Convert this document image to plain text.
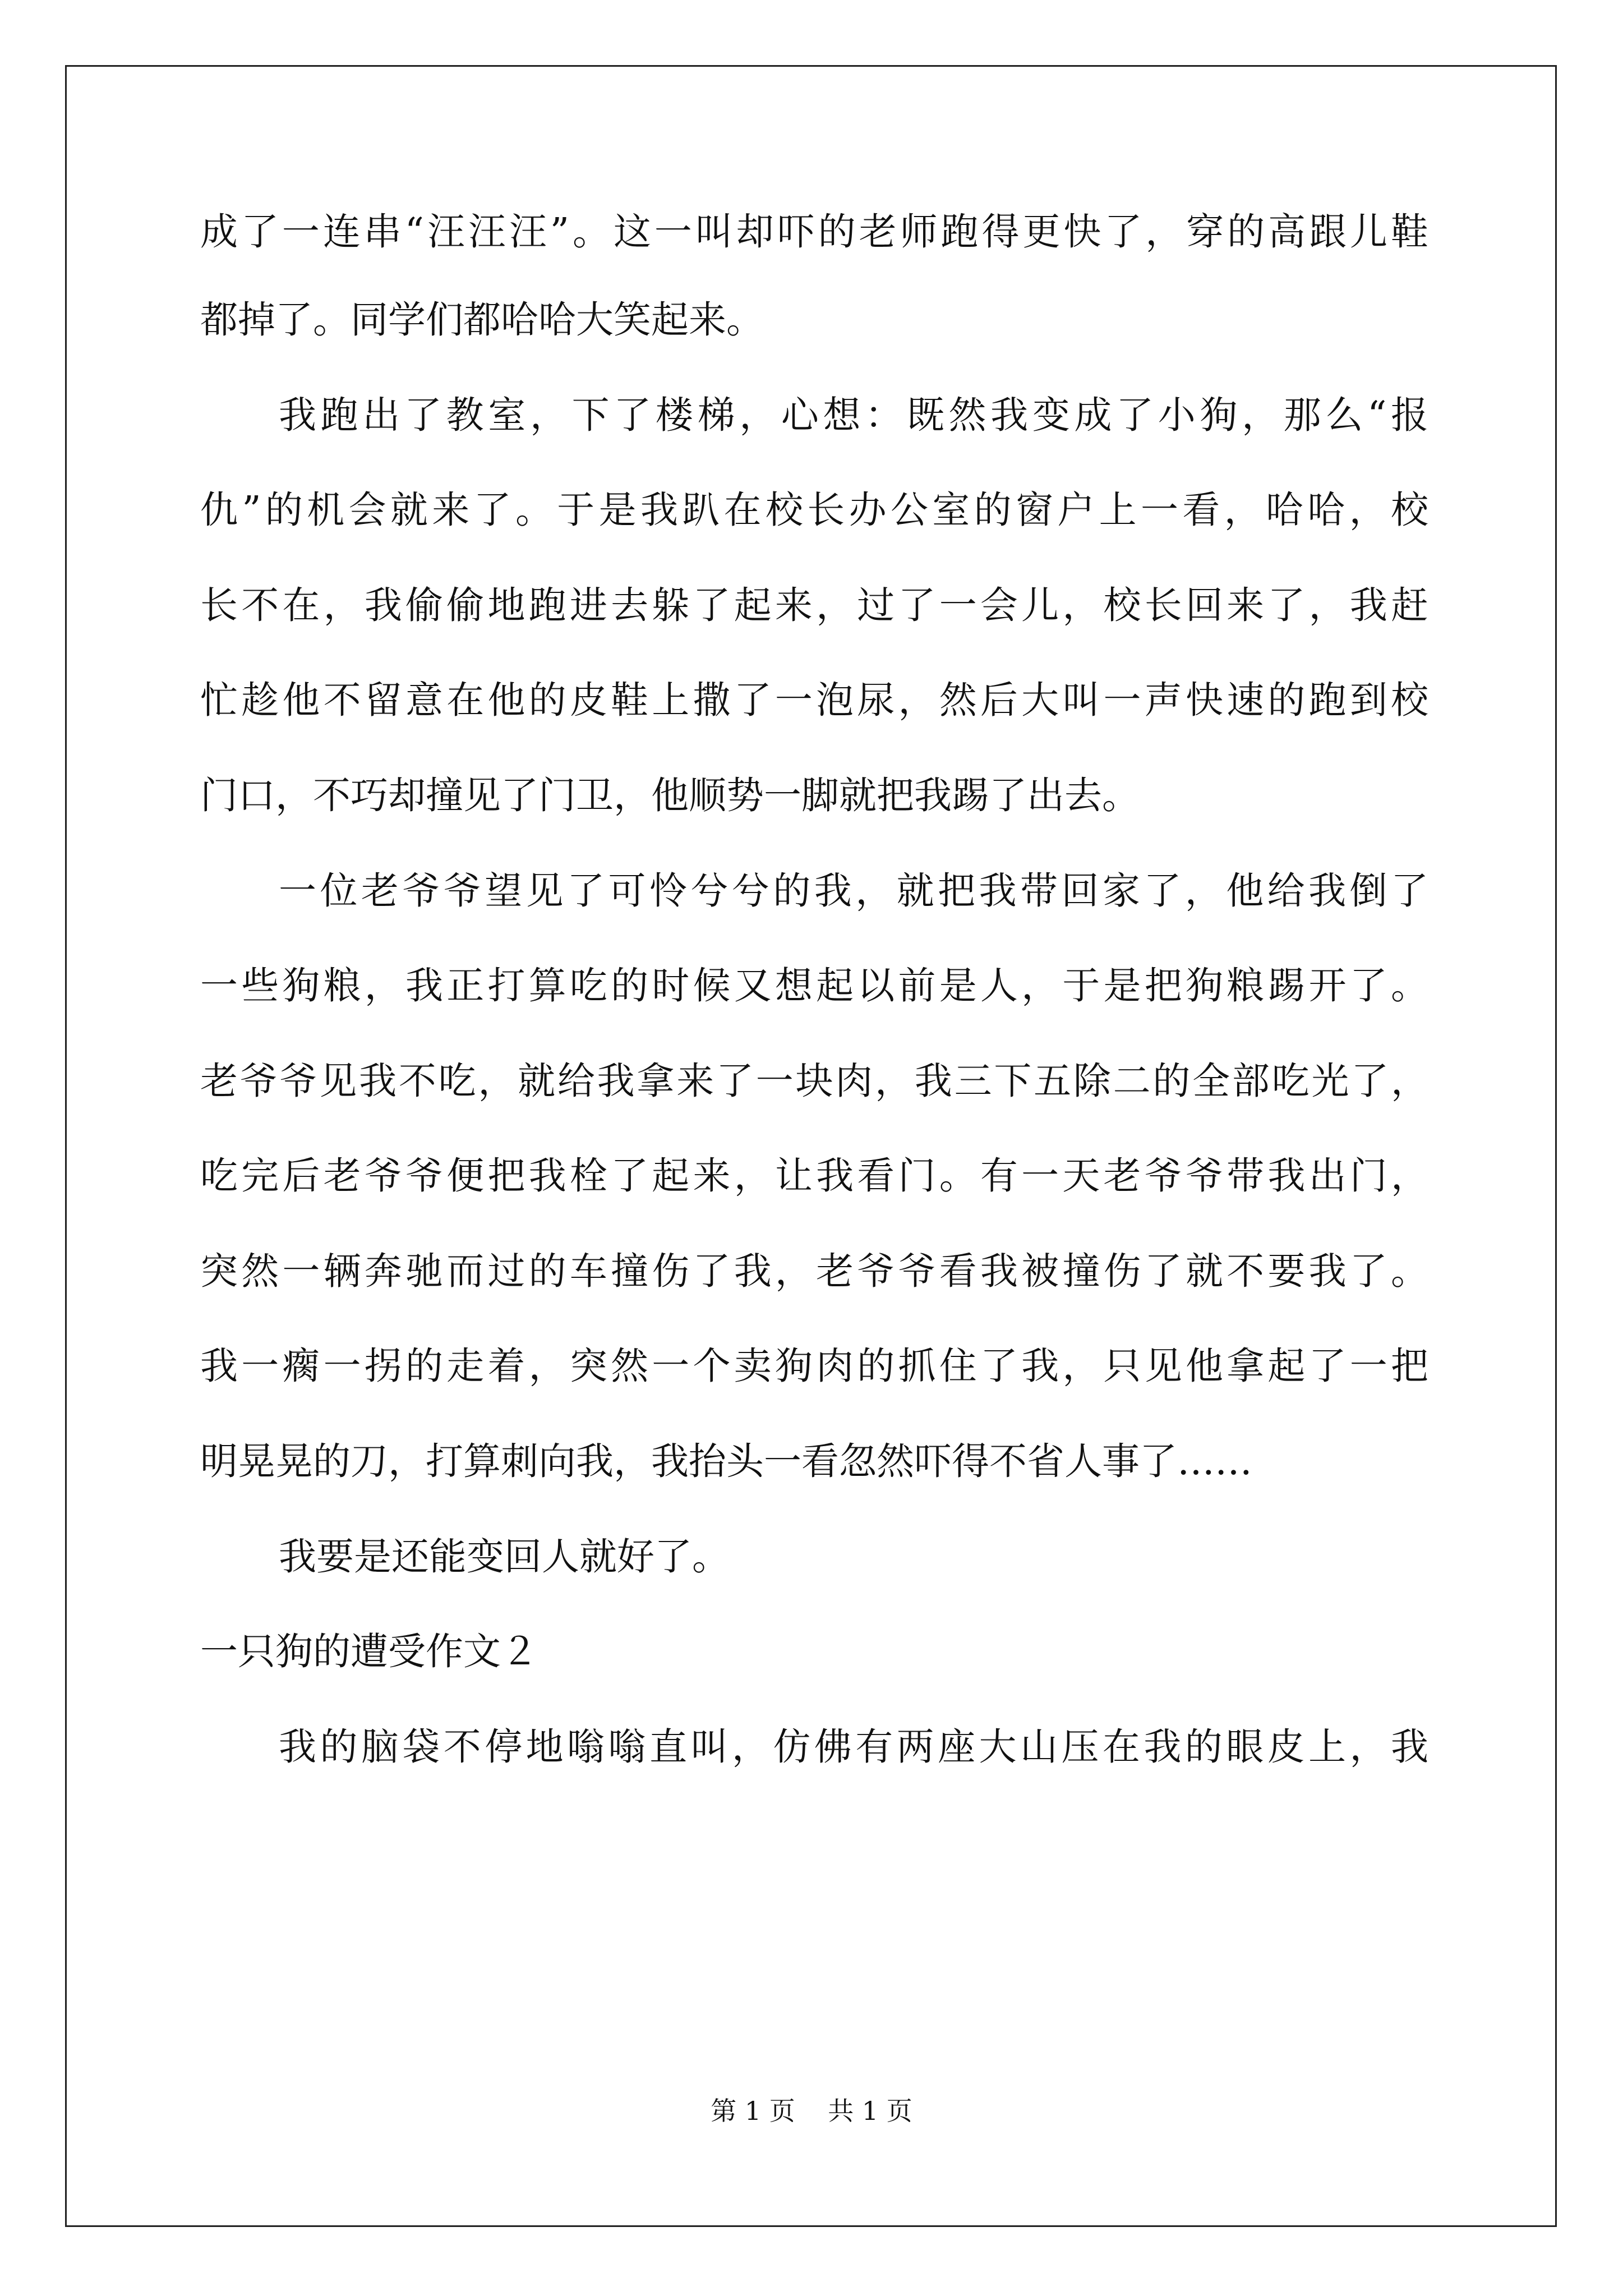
成了一连串“汪汪汪”。这一叫却吓的老师跑得更快了，穿的高跟儿鞋
都掉了。同学们都哈哈大笑起来。
我跑出了教室，下了楼梯，心想：既然我变成了小狗，那么“报
仇”的机会就来了。于是我趴在校长办公室的窗户上一看，哈哈，校
长不在，我偷偷地跑进去躲了起来，过了一会儿，校长回来了，我赶
忙趁他不留意在他的皮鞋上撒了一泡尿，然后大叫一声快速的跑到校
门口，不巧却撞见了门卫，他顺势一脚就把我踢了出去。
一位老爷爷望见了可怜兮兮的我，就把我带回家了，他给我倒了
一些狗粮，我正打算吃的时候又想起以前是人，于是把狗粮踢开了。
老爷爷见我不吃，就给我拿来了一块肉，我三下五除二的全部吃光了，
吃完后老爷爷便把我栓了起来，让我看门。有一天老爷爷带我出门，
突然一辆奔驰而过的车撞伤了我，老爷爷看我被撞伤了就不要我了。
我一瘸一拐的走着，突然一个卖狗肉的抓住了我，只见他拿起了一把
明晃晃的刀，打算刺向我，我抬头一看忽然吓得不省人事了……
我要是还能变回人就好了。
一只狗的遭受作文２
我的脑袋不停地嗡嗡直叫，仿佛有两座大山压在我的眼皮上，我
第 1 页    共 1 页
